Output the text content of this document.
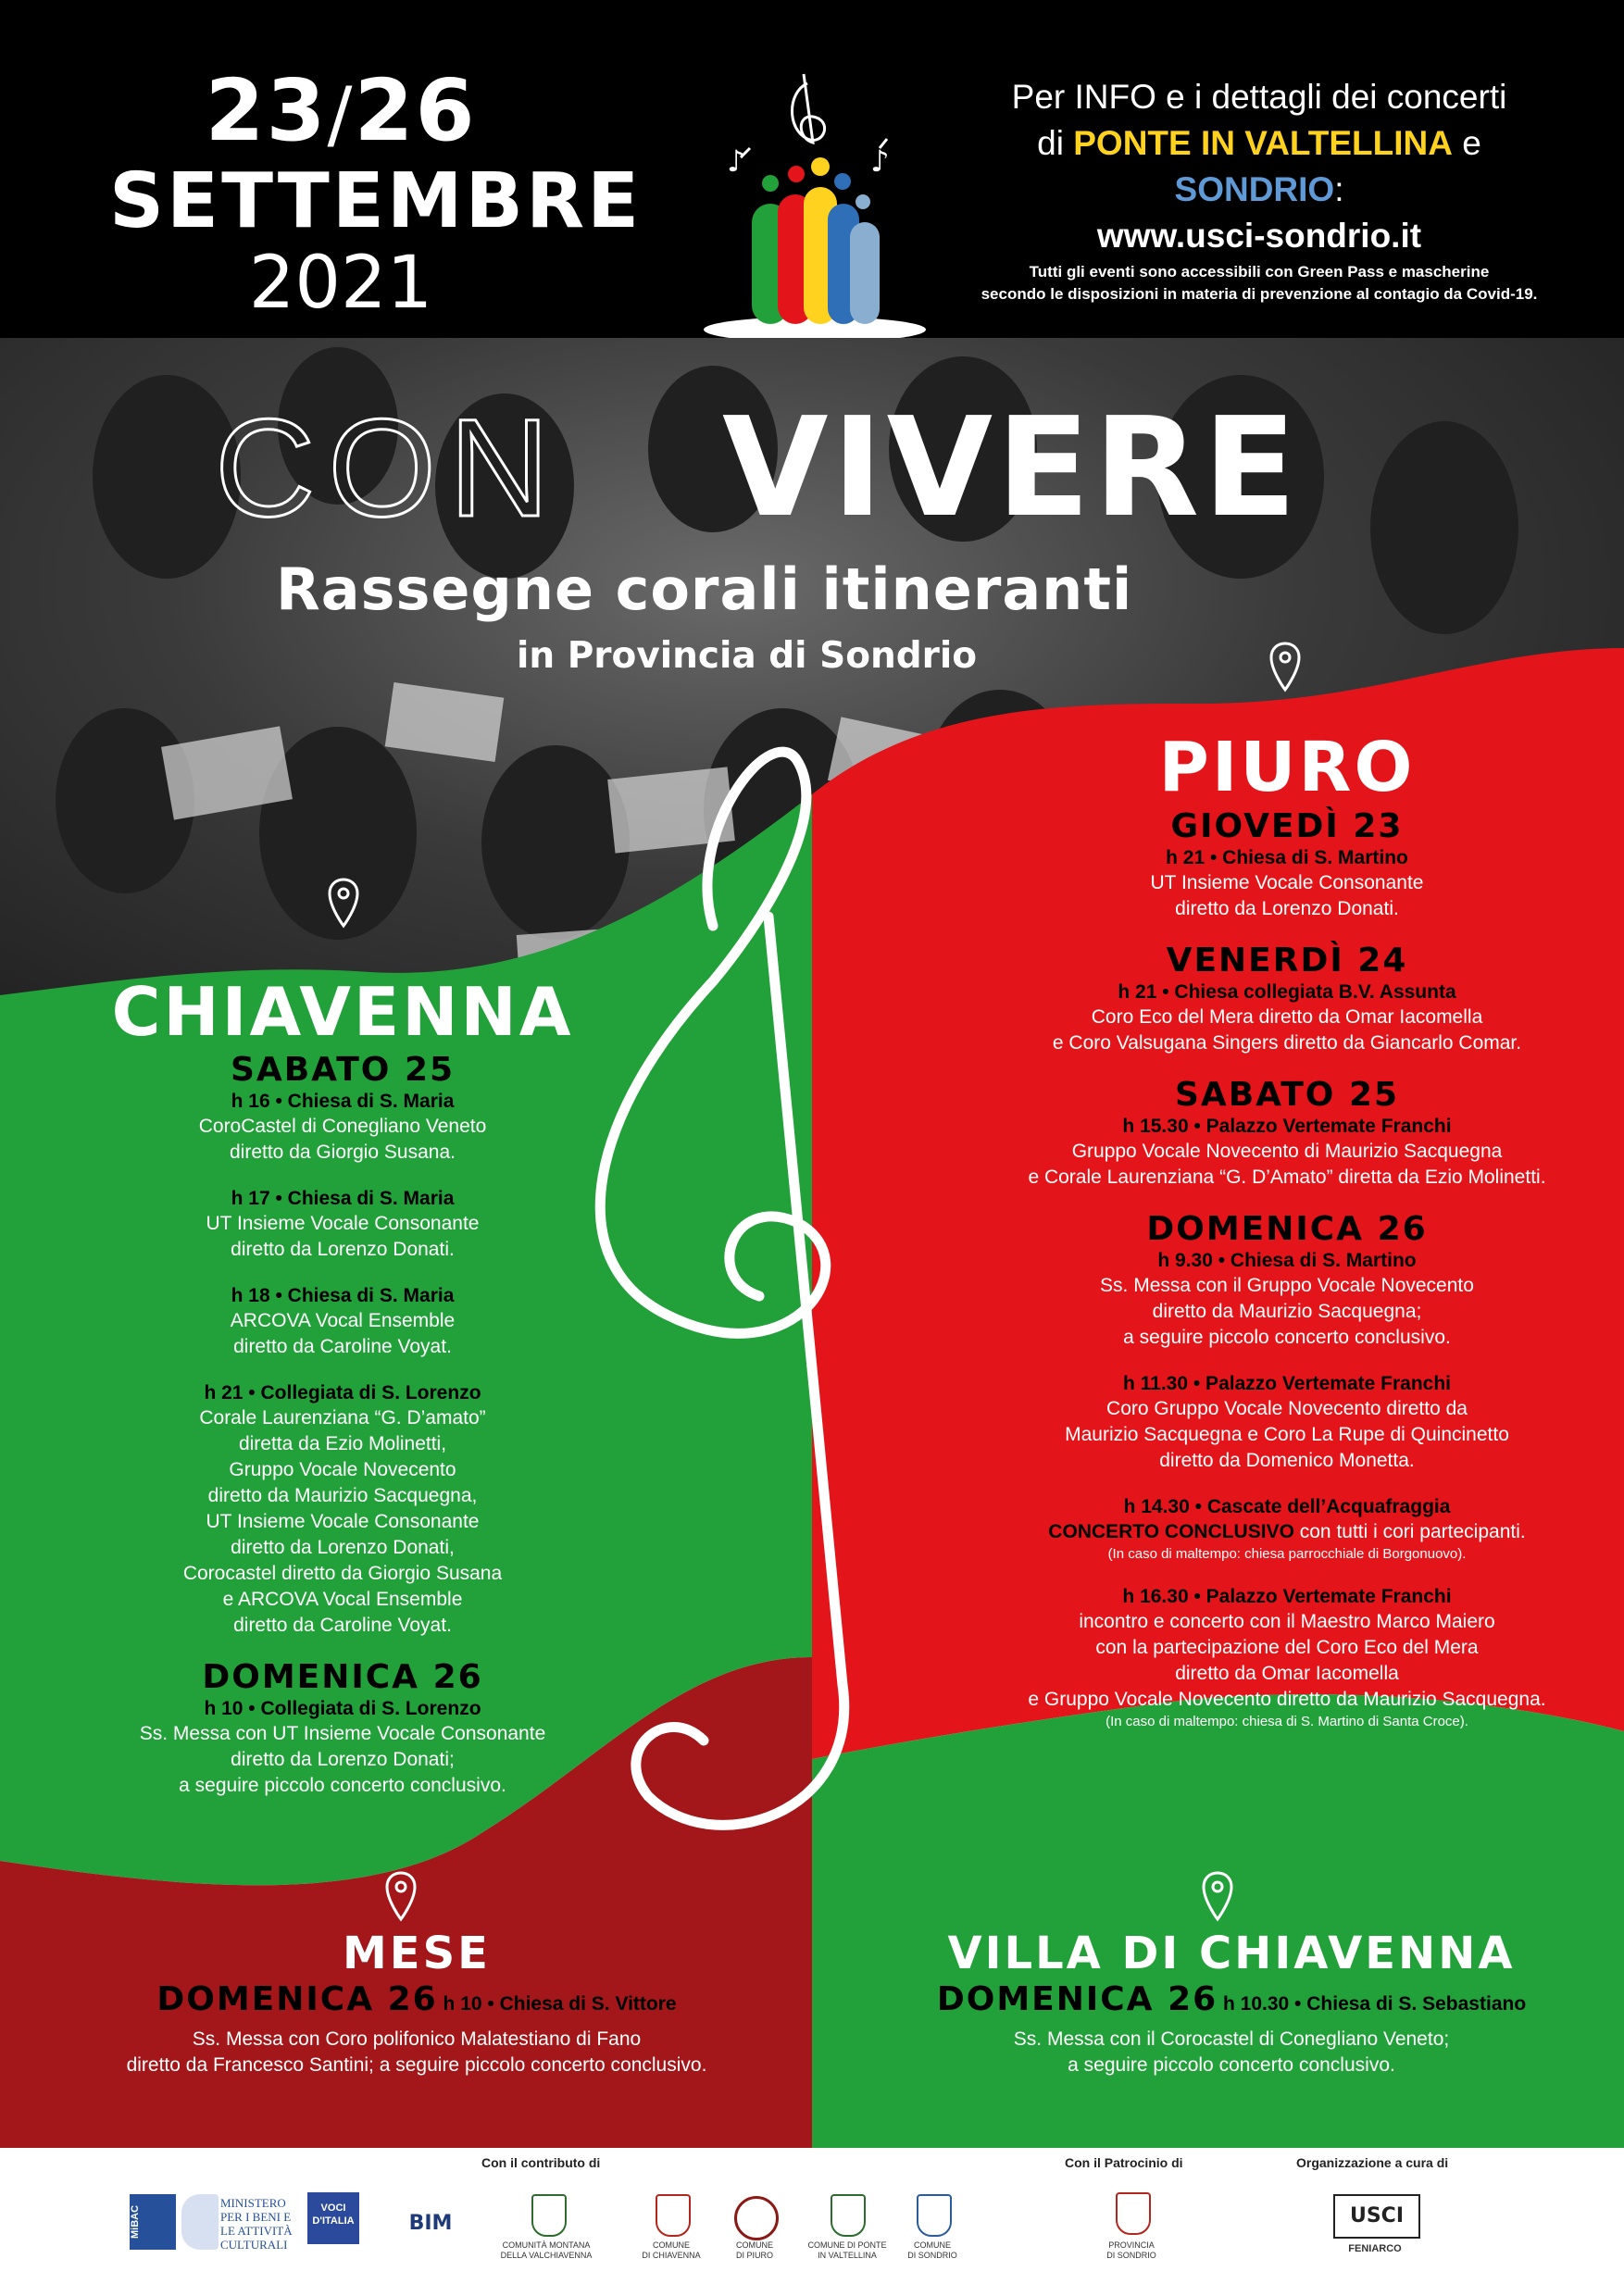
23/26
SETTEMBRE
2021
♪	♪
Per INFO e i dettagli dei concerti
di PONTE IN VALTELLINA e SONDRIO:
www.usci-sondrio.it
Tutti gli eventi sono accessibili con Green Pass e mascherine
secondo le disposizioni in materia di prevenzione al contagio da Covid-19.
CON VIVERE
Rassegne corali itineranti
in Provincia di Sondrio
PIURO
GIOVEDÌ 23
h 21 • Chiesa di S. Martino
UT Insieme Vocale Consonante
diretto da Lorenzo Donati.
VENERDÌ 24
h 21 • Chiesa collegiata B.V. Assunta
Coro Eco del Mera diretto da Omar Iacomella
e Coro Valsugana Singers diretto da Giancarlo Comar.
SABATO 25
h 15.30 • Palazzo Vertemate Franchi
Gruppo Vocale Novecento di Maurizio Sacquegna
e Corale Laurenziana “G. D’Amato” diretta da Ezio Molinetti.
DOMENICA 26
h 9.30 • Chiesa di S. Martino
Ss. Messa con il Gruppo Vocale Novecento
diretto da Maurizio Sacquegna;
a seguire piccolo concerto conclusivo.
h 11.30 • Palazzo Vertemate Franchi
Coro Gruppo Vocale Novecento diretto da
Maurizio Sacquegna e Coro La Rupe di Quincinetto
diretto da Domenico Monetta.
h 14.30 • Cascate dell’Acquafraggia
CONCERTO CONCLUSIVO con tutti i cori partecipanti.
(In caso di maltempo: chiesa parrocchiale di Borgonuovo).
h 16.30 • Palazzo Vertemate Franchi
incontro e concerto con il Maestro Marco Maiero
con la partecipazione del Coro Eco del Mera
diretto da Omar Iacomella
e Gruppo Vocale Novecento diretto da Maurizio Sacquegna.
(In caso di maltempo: chiesa di S. Martino di Santa Croce).
CHIAVENNA
SABATO 25
h 16 • Chiesa di S. Maria
CoroCastel di Conegliano Veneto
diretto da Giorgio Susana.
h 17 • Chiesa di S. Maria
UT Insieme Vocale Consonante
diretto da Lorenzo Donati.
h 18 • Chiesa di S. Maria
ARCOVA Vocal Ensemble
diretto da Caroline Voyat.
h 21 • Collegiata di S. Lorenzo
Corale Laurenziana “G. D’amato”
diretta da Ezio Molinetti,
Gruppo Vocale Novecento
diretto da Maurizio Sacquegna,
UT Insieme Vocale Consonante
diretto da Lorenzo Donati,
Corocastel diretto da Giorgio Susana
e ARCOVA Vocal Ensemble
diretto da Caroline Voyat.
DOMENICA 26
h 10 • Collegiata di S. Lorenzo
Ss. Messa con UT Insieme Vocale Consonante
diretto da Lorenzo Donati;
a seguire piccolo concerto conclusivo.
MESE
DOMENICA 26 h 10 • Chiesa di S. Vittore
Ss. Messa con Coro polifonico Malatestiano di Fano
diretto da Francesco Santini; a seguire piccolo concerto conclusivo.
VILLA DI CHIAVENNA
DOMENICA 26 h 10.30 • Chiesa di S. Sebastiano
Ss. Messa con il Corocastel di Conegliano Veneto;
a seguire piccolo concerto conclusivo.
Con il contributo di	Con il Patrocinio di	Organizzazione a cura di
MiBAC
MINISTERO
PER I BENI E
LE ATTIVITÀ
CULTURALI
VOCI
D'ITALIA	BIM
COMUNITÀ MONTANA
DELLA VALCHIAVENNA
COMUNE
DI CHIAVENNA
COMUNE
DI PIURO
COMUNE DI PONTE
IN VALTELLINA
COMUNE
DI SONDRIO
PROVINCIA
DI SONDRIO
USCI
FENIARCO
